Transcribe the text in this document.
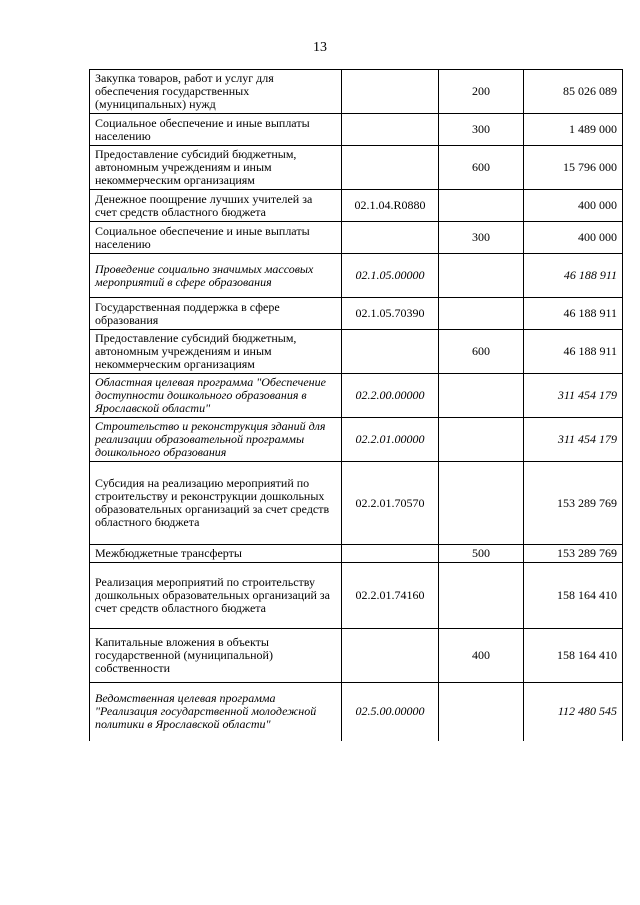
13
Закупка товаров, работ и услуг для обеспечения государственных (муниципальных) нужд		200	85 026 089
Социальное обеспечение и иные выплаты населению		300	1 489 000
Предоставление субсидий бюджетным, автономным учреждениям и иным некоммерческим организациям		600	15 796 000
Денежное поощрение лучших учителей за счет средств областного бюджета	02.1.04.R0880		400 000
Социальное обеспечение и иные выплаты населению		300	400 000
Проведение социально значимых массовых мероприятий в сфере образования	02.1.05.00000		46 188 911
Государственная поддержка в сфере образования	02.1.05.70390		46 188 911
Предоставление субсидий бюджетным, автономным учреждениям и иным некоммерческим организациям		600	46 188 911
Областная целевая программа "Обеспечение доступности дошкольного образования в Ярославской области"	02.2.00.00000		311 454 179
Строительство и реконструкция зданий для реализации образовательной программы дошкольного образования	02.2.01.00000		311 454 179
Субсидия на реализацию мероприятий по строительству и реконструкции дошкольных образовательных организаций за счет средств областного бюджета	02.2.01.70570		153 289 769
Межбюджетные трансферты		500	153 289 769
Реализация мероприятий по строительству дошкольных образовательных организаций за счет средств областного бюджета	02.2.01.74160		158 164 410
Капитальные вложения в объекты государственной (муниципальной) собственности		400	158 164 410
Ведомственная целевая программа "Реализация государственной молодежной политики в Ярославской области"	02.5.00.00000		112 480 545
